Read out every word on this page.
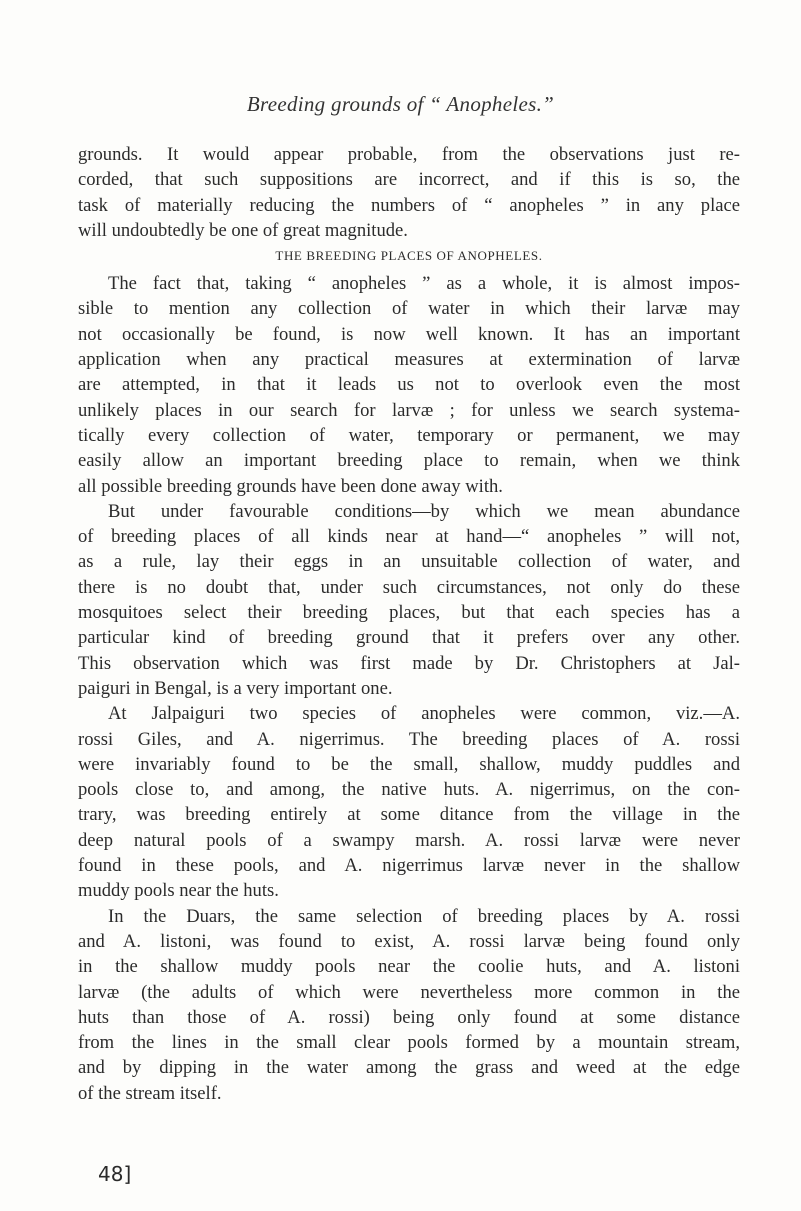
Breeding grounds of “ Anopheles.”
grounds. It would appear probable, from the observations just re-
corded, that such suppositions are incorrect, and if this is so, the
task of materially reducing the numbers of “ anopheles ” in any place
will undoubtedly be one of great magnitude.
THE BREEDING PLACES OF ANOPHELES.
The fact that, taking “ anopheles ” as a whole, it is almost impos-
sible to mention any collection of water in which their larvæ may
not occasionally be found, is now well known. It has an important
application when any practical measures at extermination of larvæ
are attempted, in that it leads us not to overlook even the most
unlikely places in our search for larvæ ; for unless we search systema-
tically every collection of water, temporary or permanent, we may
easily allow an important breeding place to remain, when we think
all possible breeding grounds have been done away with.
But under favourable conditions—by which we mean abundance
of breeding places of all kinds near at hand—“ anopheles ” will not,
as a rule, lay their eggs in an unsuitable collection of water, and
there is no doubt that, under such circumstances, not only do these
mosquitoes select their breeding places, but that each species has a
particular kind of breeding ground that it prefers over any other.
This observation which was first made by Dr. Christophers at Jal-
paiguri in Bengal, is a very important one.
At Jalpaiguri two species of anopheles were common, viz.—A.
rossi Giles, and A. nigerrimus. The breeding places of A. rossi
were invariably found to be the small, shallow, muddy puddles and
pools close to, and among, the native huts. A. nigerrimus, on the con-
trary, was breeding entirely at some ditance from the village in the
deep natural pools of a swampy marsh. A. rossi larvæ were never
found in these pools, and A. nigerrimus larvæ never in the shallow
muddy pools near the huts.
In the Duars, the same selection of breeding places by A. rossi
and A. listoni, was found to exist, A. rossi larvæ being found only
in the shallow muddy pools near the coolie huts, and A. listoni
larvæ (the adults of which were nevertheless more common in the
huts than those of A. rossi) being only found at some distance
from the lines in the small clear pools formed by a mountain stream,
and by dipping in the water among the grass and weed at the edge
of the stream itself.
48]
